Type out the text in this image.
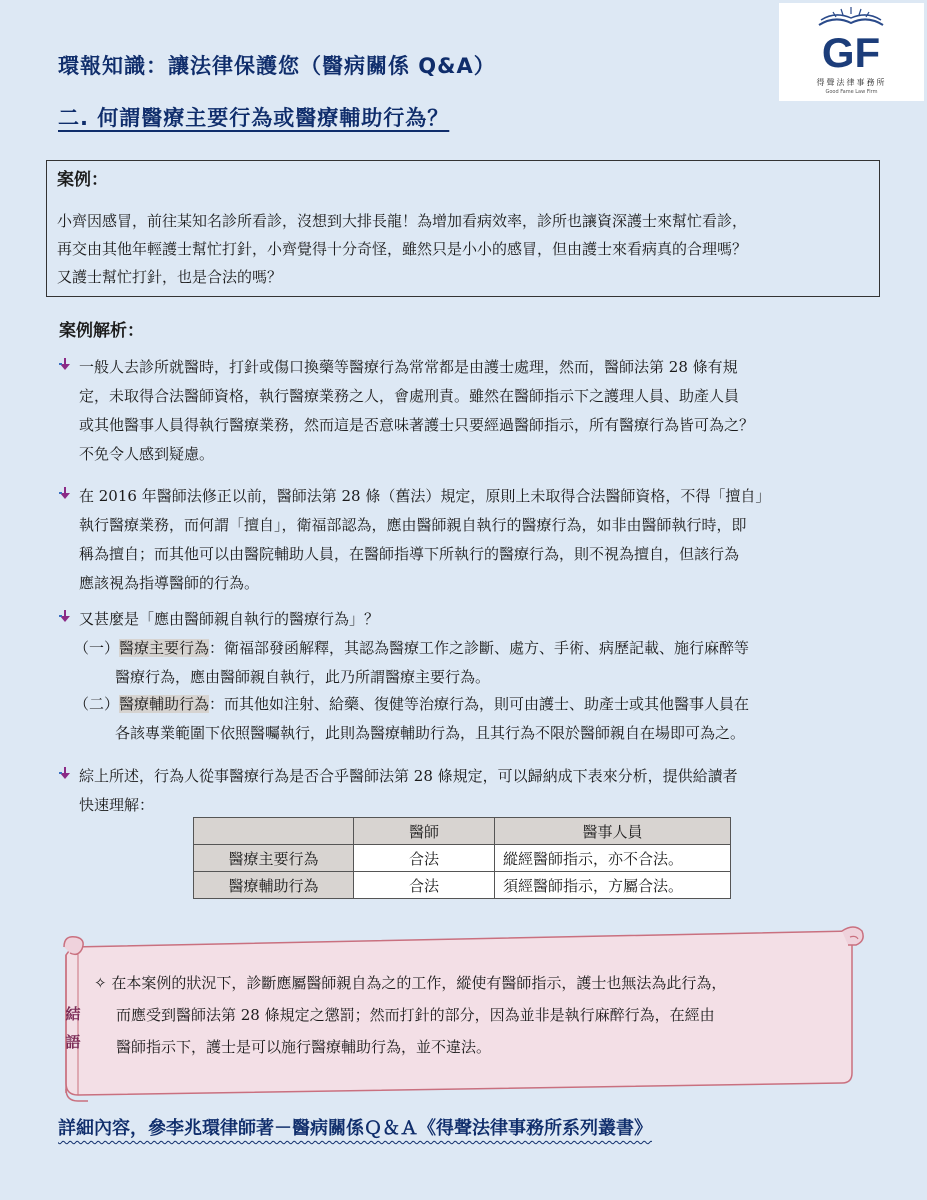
GF
得聲法律事務所
Good Fame Law Firm
環報知識：讓法律保護您（醫病關係 Q&A）
二. 何謂醫療主要行為或醫療輔助行為？
案例：
小齊因感冒，前往某知名診所看診，沒想到大排長龍！為增加看病效率，診所也讓資深護士來幫忙看診，
再交由其他年輕護士幫忙打針，小齊覺得十分奇怪，雖然只是小小的感冒，但由護士來看病真的合理嗎？
又護士幫忙打針，也是合法的嗎？
案例解析：
一般人去診所就醫時，打針或傷口換藥等醫療行為常常都是由護士處理，然而，醫師法第 28 條有規
定，未取得合法醫師資格，執行醫療業務之人，會處刑責。雖然在醫師指示下之護理人員、助產人員
或其他醫事人員得執行醫療業務，然而這是否意味著護士只要經過醫師指示，所有醫療行為皆可為之？
不免令人感到疑慮。
在 2016 年醫師法修正以前，醫師法第 28 條（舊法）規定，原則上未取得合法醫師資格，不得「擅自」
執行醫療業務，而何謂「擅自」，衛福部認為，應由醫師親自執行的醫療行為，如非由醫師執行時，即
稱為擅自；而其他可以由醫院輔助人員，在醫師指導下所執行的醫療行為，則不視為擅自，但該行為
應該視為指導醫師的行為。
又甚麼是「應由醫師親自執行的醫療行為」？
（一）醫療主要行為：衛福部發函解釋，其認為醫療工作之診斷、處方、手術、病歷記載、施行麻醉等
醫療行為，應由醫師親自執行，此乃所謂醫療主要行為。
（二）醫療輔助行為：而其他如注射、給藥、復健等治療行為，則可由護士、助產士或其他醫事人員在
各該專業範圍下依照醫囑執行，此則為醫療輔助行為，且其行為不限於醫師親自在場即可為之。
綜上所述，行為人從事醫療行為是否合乎醫師法第 28 條規定，可以歸納成下表來分析，提供給讀者
快速理解：
	醫師	醫事人員
醫療主要行為	合法	縱經醫師指示，亦不合法。
醫療輔助行為	合法	須經醫師指示，方屬合法。
結
語
✧ 在本案例的狀況下，診斷應屬醫師親自為之的工作，縱使有醫師指示，護士也無法為此行為，
而應受到醫師法第 28 條規定之懲罰；然而打針的部分，因為並非是執行麻醉行為，在經由
醫師指示下，護士是可以施行醫療輔助行為，並不違法。
詳細內容，參李兆環律師著－醫病關係Ｑ＆Ａ《得聲法律事務所系列叢書》
